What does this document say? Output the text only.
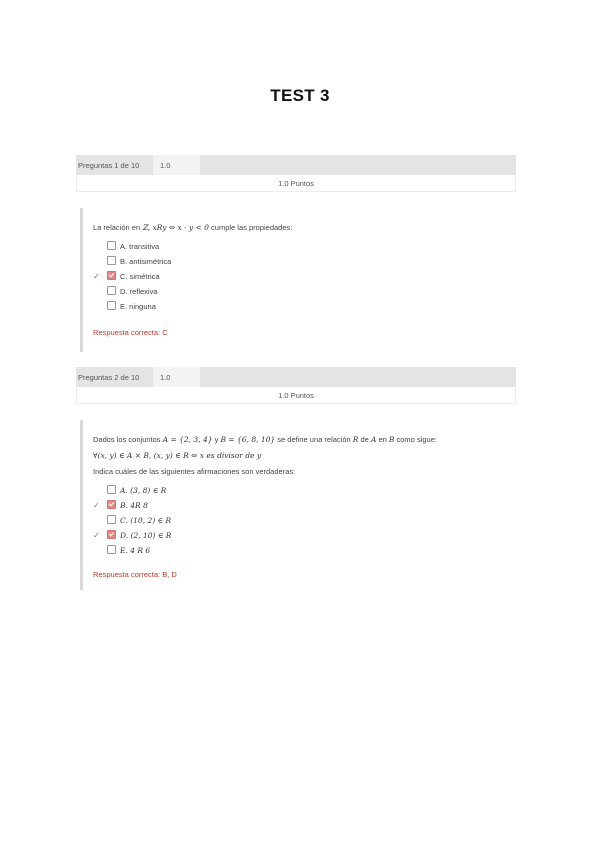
TEST 3
Preguntas 1 de 10	1.0
1.0 Puntos
La relación en ℤ, xRy ⇔ x · y < 0 cumple las propiedades:
A. transitiva
B. antisimétrica
✓	C. simétrica
D. reflexiva
E. ninguna
Respuesta correcta: C
Preguntas 2 de 10	1.0
1.0 Puntos
Dados los conjuntos A = {2, 3, 4} y B = {6, 8, 10} se define una relación R de A en B como sigue:
∀(x, y) ∈ A × B, (x, y) ∈ R ⇔ x es divisor de y
Indica cuáles de las siguientes afirmaciones son verdaderas:
A. (3, 8) ∈ R
✓	B. 4R 8
C. (10, 2) ∈ R
✓	D. (2, 10) ∈ R
E. 4 R 6
Respuesta correcta: B, D
